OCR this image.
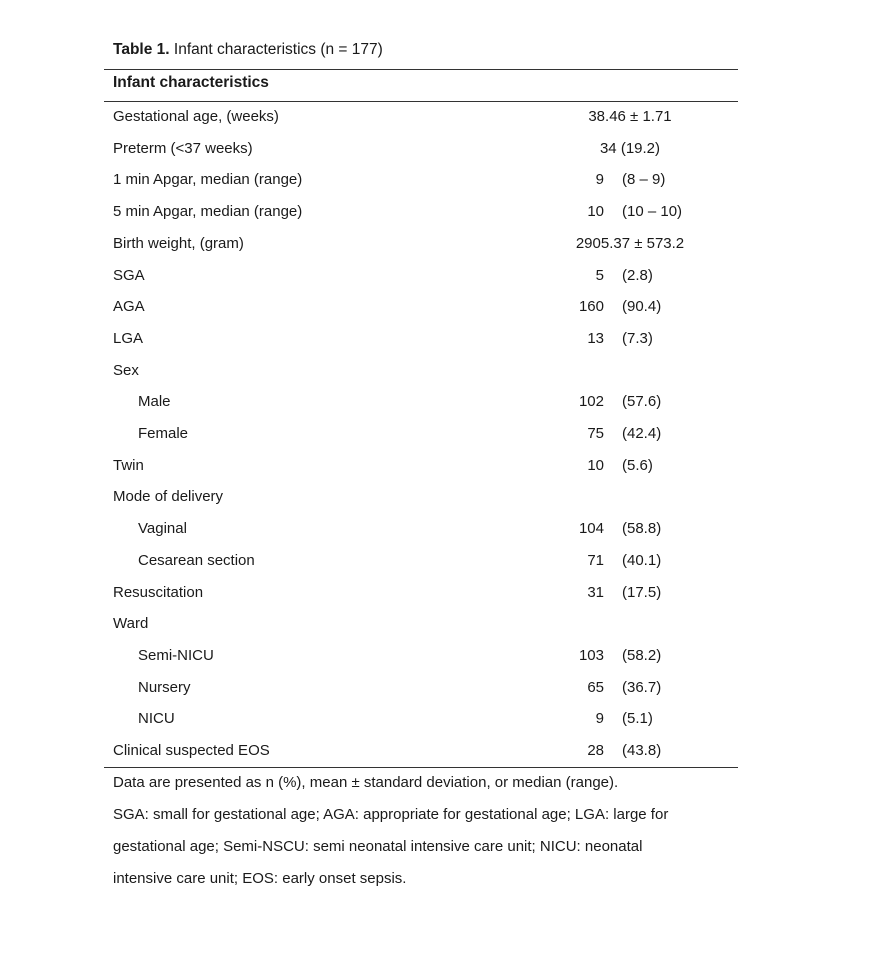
Table 1. Infant characteristics (n = 177)
Infant characteristics
Gestational age, (weeks)	38.46 ± 1.71
Preterm (<37 weeks)	34 (19.2)
1 min Apgar, median (range)	9 (8 – 9)
5 min Apgar, median (range)	10 (10 – 10)
Birth weight, (gram)	2905.37 ± 573.2
SGA	5 (2.8)
AGA	160 (90.4)
LGA	13 (7.3)
Sex
Male	102 (57.6)
Female	75 (42.4)
Twin	10 (5.6)
Mode of delivery
Vaginal	104 (58.8)
Cesarean section	71 (40.1)
Resuscitation	31 (17.5)
Ward
Semi-NICU	103 (58.2)
Nursery	65 (36.7)
NICU	9 (5.1)
Clinical suspected EOS	28 (43.8)
Data are presented as n (%), mean ± standard deviation, or median (range).
SGA: small for gestational age; AGA: appropriate for gestational age; LGA: large for
gestational age; Semi-NSCU: semi neonatal intensive care unit; NICU: neonatal
intensive care unit; EOS: early onset sepsis.
